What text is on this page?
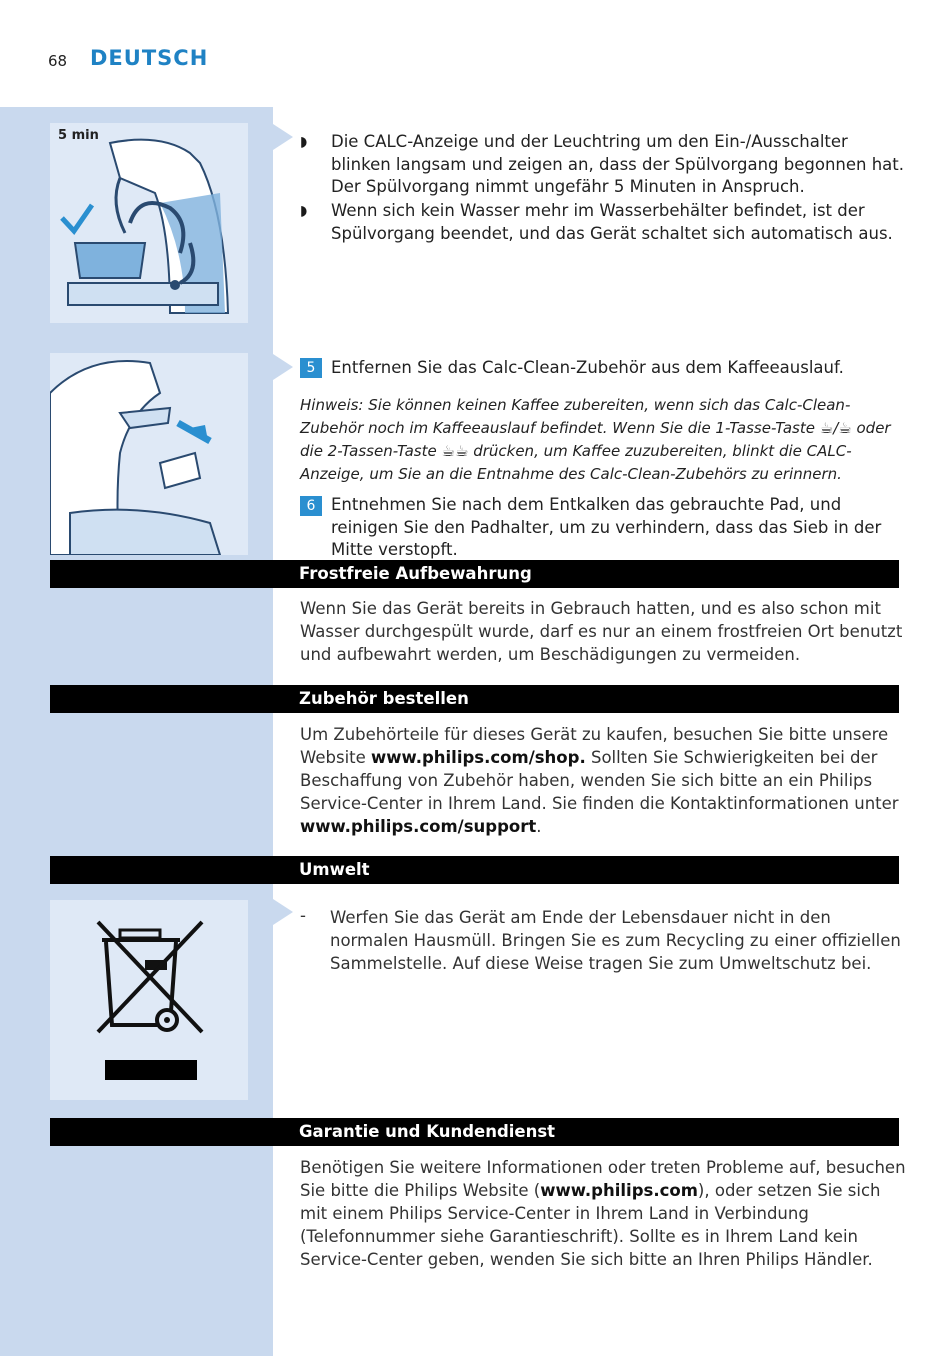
68 DEUTSCH
5 min	◗ Die CALC-Anzeige und der Leuchtring um den Ein-/Ausschalter blinken langsam und zeigen an, dass der Spülvorgang begonnen hat. Der Spülvorgang nimmt ungefähr 5 Minuten in Anspruch.
◗ Wenn sich kein Wasser mehr im Wasserbehälter befindet, ist der Spülvorgang beendet, und das Gerät schaltet sich automatisch aus.
5 Entfernen Sie das Calc-Clean-Zubehör aus dem Kaffeeauslauf.
Hinweis: Sie können keinen Kaffee zubereiten, wenn sich das Calc-Clean-Zubehör noch im Kaffeeauslauf befindet. Wenn Sie die 1-Tasse-Taste ☕/☕ oder die 2-Tassen-Taste ☕☕ drücken, um Kaffee zuzubereiten, blinkt die CALC-Anzeige, um Sie an die Entnahme des Calc-Clean-Zubehörs zu erinnern.
6 Entnehmen Sie nach dem Entkalken das gebrauchte Pad, und reinigen Sie den Padhalter, um zu verhindern, dass das Sieb in der Mitte verstopft.
Frostfreie Aufbewahrung
Wenn Sie das Gerät bereits in Gebrauch hatten, und es also schon mit Wasser durchgespült wurde, darf es nur an einem frostfreien Ort benutzt und aufbewahrt werden, um Beschädigungen zu vermeiden.
Zubehör bestellen
Um Zubehörteile für dieses Gerät zu kaufen, besuchen Sie bitte unsere Website www.philips.com/shop. Sollten Sie Schwierigkeiten bei der Beschaffung von Zubehör haben, wenden Sie sich bitte an ein Philips Service-Center in Ihrem Land. Sie finden die Kontaktinformationen unter
www.philips.com/support.
Umwelt
- Werfen Sie das Gerät am Ende der Lebensdauer nicht in den normalen Hausmüll. Bringen Sie es zum Recycling zu einer offiziellen Sammelstelle. Auf diese Weise tragen Sie zum Umweltschutz bei.
Garantie und Kundendienst
Benötigen Sie weitere Informationen oder treten Probleme auf, besuchen Sie bitte die Philips Website (www.philips.com), oder setzen Sie sich mit einem Philips Service-Center in Ihrem Land in Verbindung (Telefonnummer siehe Garantieschrift). Sollte es in Ihrem Land kein Service-Center geben, wenden Sie sich bitte an Ihren Philips Händler.
